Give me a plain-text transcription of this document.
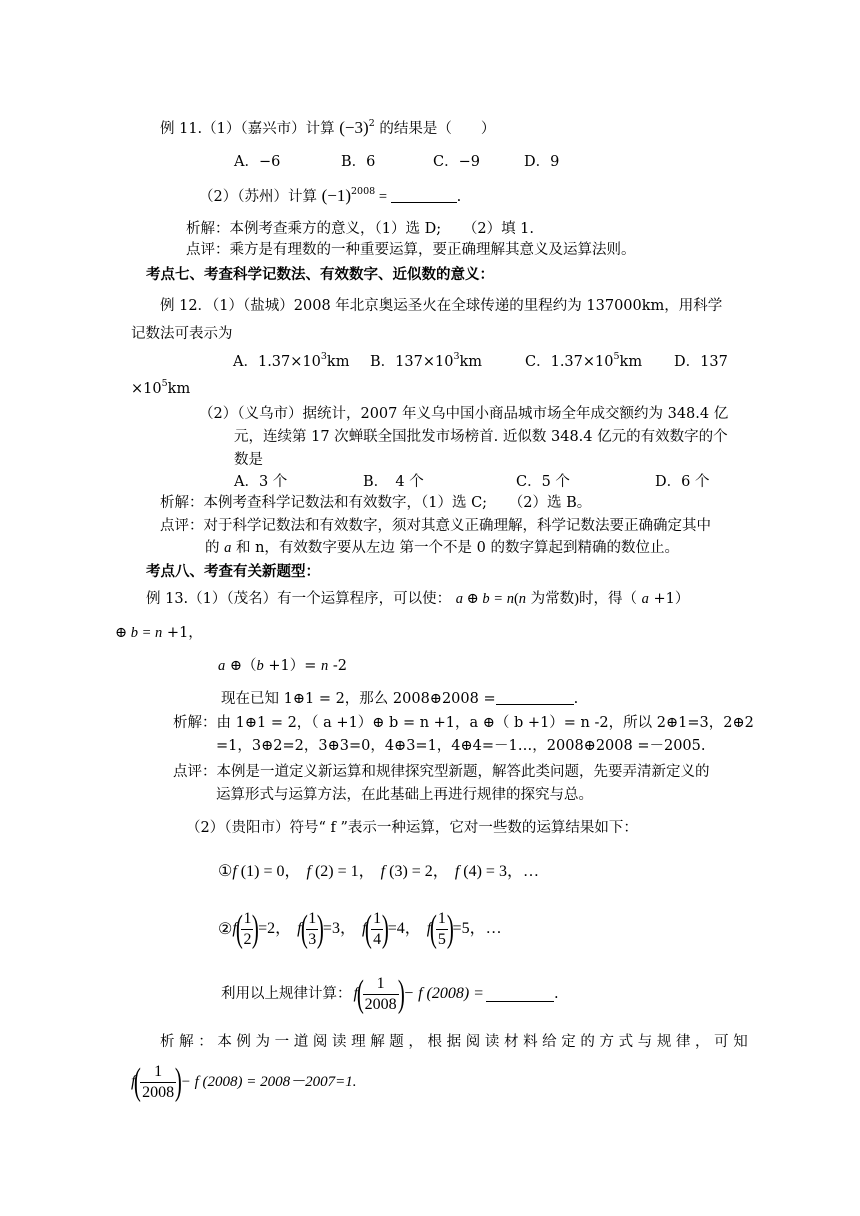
例 11.（1）（嘉兴市）计算 $(-3)^2$ 的结果是（　　）
A．−6	B．6	C．−9	D．9
（2）（苏州）计算 $(-1)^{2008}$ =	.
析解：本例考查乘方的意义，（1）选 D;　　（2）填 1.
点评：乘方是有理数的一种重要运算，要正确理解其意义及运算法则。
考点七、考查科学记数法、有效数字、近似数的意义：
例 12．（1）（盐城）2008 年北京奥运圣火在全球传递的里程约为 137000km，用科学
记数法可表示为
A．$1.37\times 10^3km$ B．$137\times 10^3km$	C．$1.37\times 10^5km$ D．137
$\times 10^5km$
（2）（义乌市）据统计，2007 年义乌中国小商品城市场全年成交额约为 348.4 亿
元，连续第 17 次蝉联全国批发市场榜首. 近似数 348.4 亿元的有效数字的个
数是
A．3 个	B．　4 个	C．5 个	D．6 个
析解：本例考查科学记数法和有效数字，（1）选 C;　　（2）选 B。
点评：对于科学记数法和有效数字，须对其意义正确理解，科学记数法要正确确定其中
的 a 和 n，有效数字要从左边 第一个不是 0 的数字算起到精确的数位止。
考点八、考查有关新题型：
例 13.（1）（茂名）有一个运算程序，可以使： a ⊕ b = n(n 为常数)时，得（ a +1）
⊕ b = n +1，
a ⊕（b +1）= n -2
现在已知 1⊕1 = 2，那么 2008⊕2008 =	.
析解：由 1⊕1 = 2，（ a +1）⊕ b = n +1，a ⊕（ b +1）= n -2，所以 2⊕1=3，2⊕2
=1，3⊕2=2，3⊕3=0，4⊕3=1，4⊕4=－1…，2008⊕2008 =－2005.
点评：本例是一道定义新运算和规律探究型新题，解答此类问题，先要弄清新定义的
运算形式与运算方法，在此基础上再进行规律的探究与总。
（2）（贵阳市）符号“ f ”表示一种运算，它对一些数的运算结果如下：
①f (1) = 0， f (2) = 1， f (3) = 2， f (4) = 3，…
② f
(
$\frac{1}{2}$
)
= 2 ， f
(
$\frac{1}{3}$
)
= 3 ， f
(
$\frac{1}{4}$
)
= 4 ， f
(
$\frac{1}{5}$
)
= 5 ，…
利用以上规律计算： f
(
$\frac{1}{2008}$
)
− f (2008) =	.
析 解 ： 本 例 为 一 道 阅 读 理 解 题 ， 根 据 阅 读 材 料 给 定 的 方 式 与 规 律 ， 可 知
f
(
$\frac{1}{2008}$
)
− f (2008) = 2008－2007=1.
